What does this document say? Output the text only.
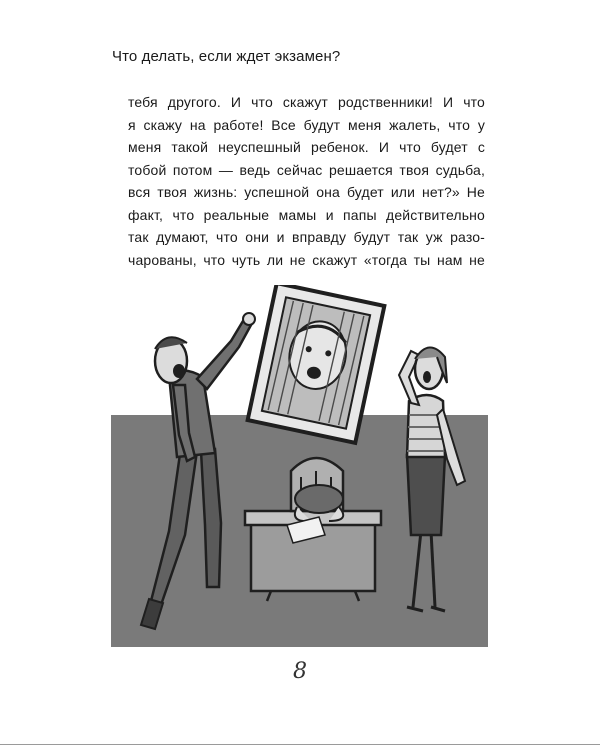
Что делать, если ждет экзамен?
тебя другого. И что скажут родственники! И что
я скажу на работе! Все будут меня жалеть, что у
меня такой неуспешный ребенок. И что будет с
тобой потом — ведь сейчас решается твоя судьба,
вся твоя жизнь: успешной она будет или нет?» Не
факт, что реальные мамы и папы действительно
так думают, что они и вправду будут так уж разо-
чарованы, что чуть ли не скажут «тогда ты нам не
8
